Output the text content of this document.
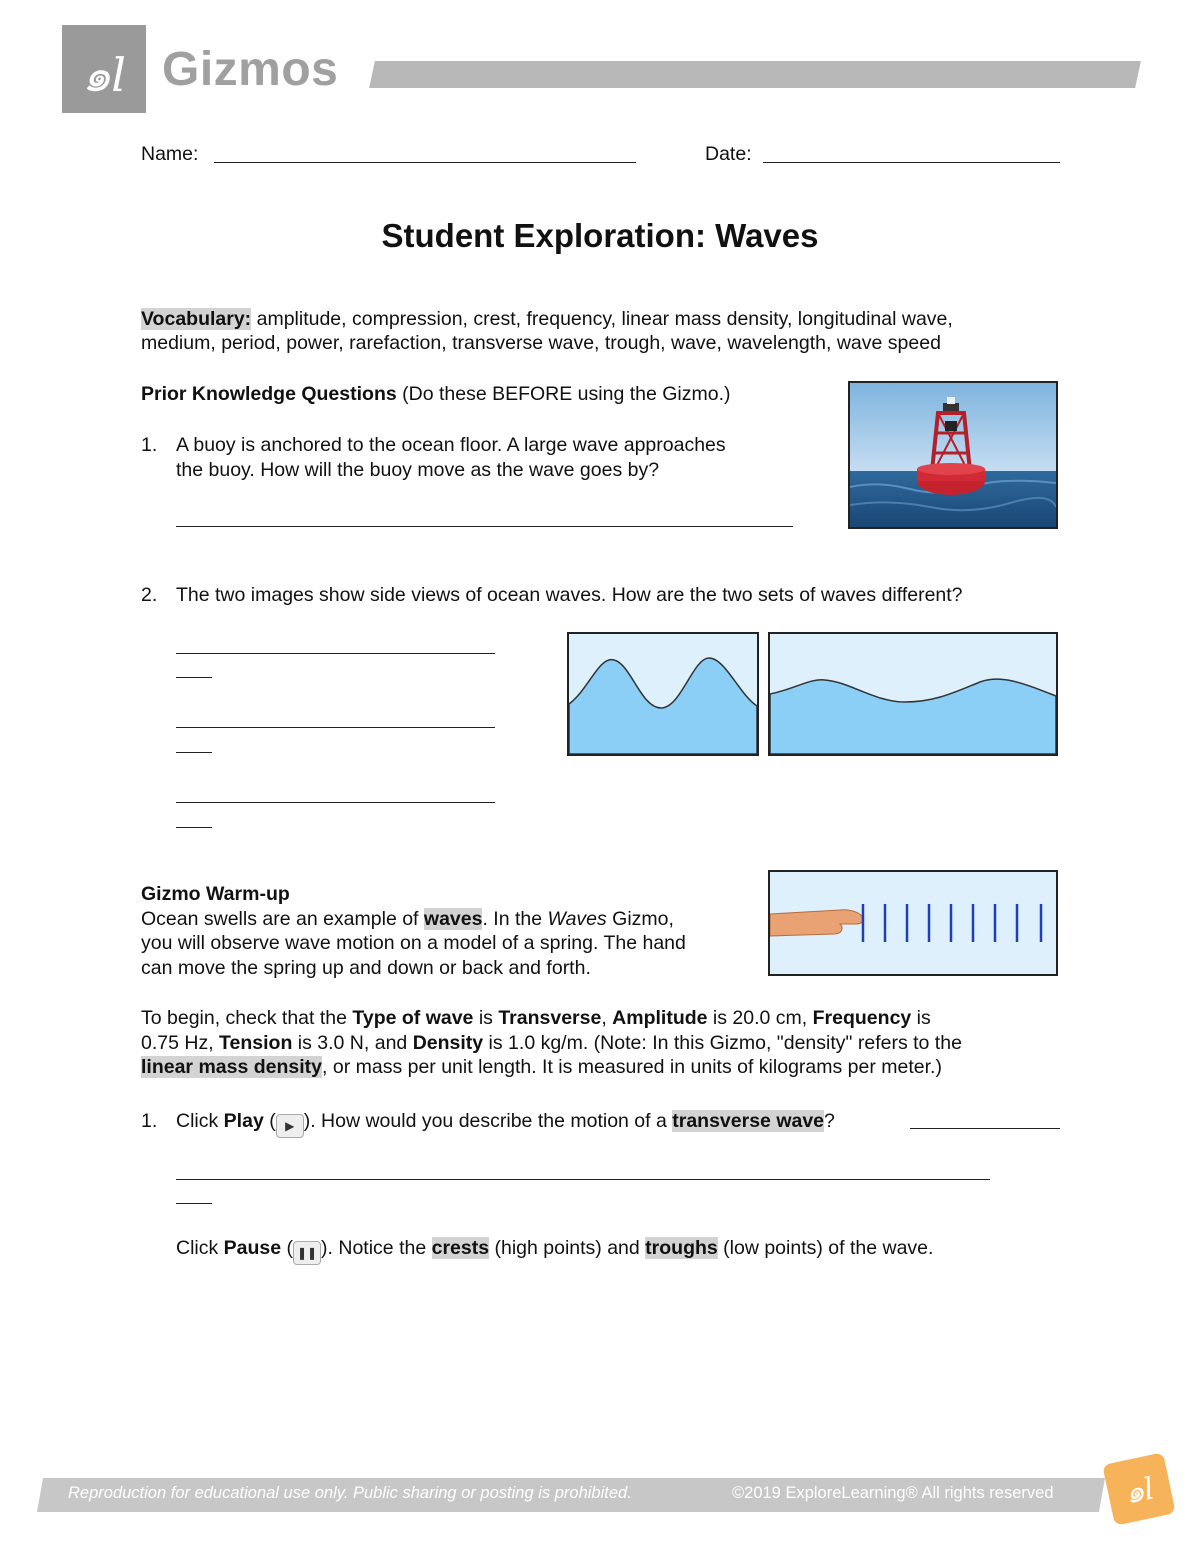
๑l Gizmos
Name:	Date:
Student Exploration: Waves
Vocabulary: amplitude, compression, crest, frequency, linear mass density, longitudinal wave,
medium, period, power, rarefaction, transverse wave, trough, wave, wavelength, wave speed
Prior Knowledge Questions (Do these BEFORE using the Gizmo.)
1. A buoy is anchored to the ocean floor. A large wave approaches
the buoy. How will the buoy move as the wave goes by?
2. The two images show side views of ocean waves. How are the two sets of waves different?
Gizmo Warm-up
Ocean swells are an example of waves. In the Waves Gizmo,
you will observe wave motion on a model of a spring. The hand
can move the spring up and down or back and forth.
To begin, check that the Type of wave is Transverse, Amplitude is 20.0 cm, Frequency is
0.75 Hz, Tension is 3.0 N, and Density is 1.0 kg/m. (Note: In this Gizmo, "density" refers to the
linear mass density, or mass per unit length. It is measured in units of kilograms per meter.)
1. Click Play ( ▶ ). How would you describe the motion of a transverse wave?
Click Pause ( ❚❚ ). Notice the crests (high points) and troughs (low points) of the wave.
Reproduction for educational use only. Public sharing or posting is prohibited.	©2019 ExploreLearning® All rights reserved	๑l
